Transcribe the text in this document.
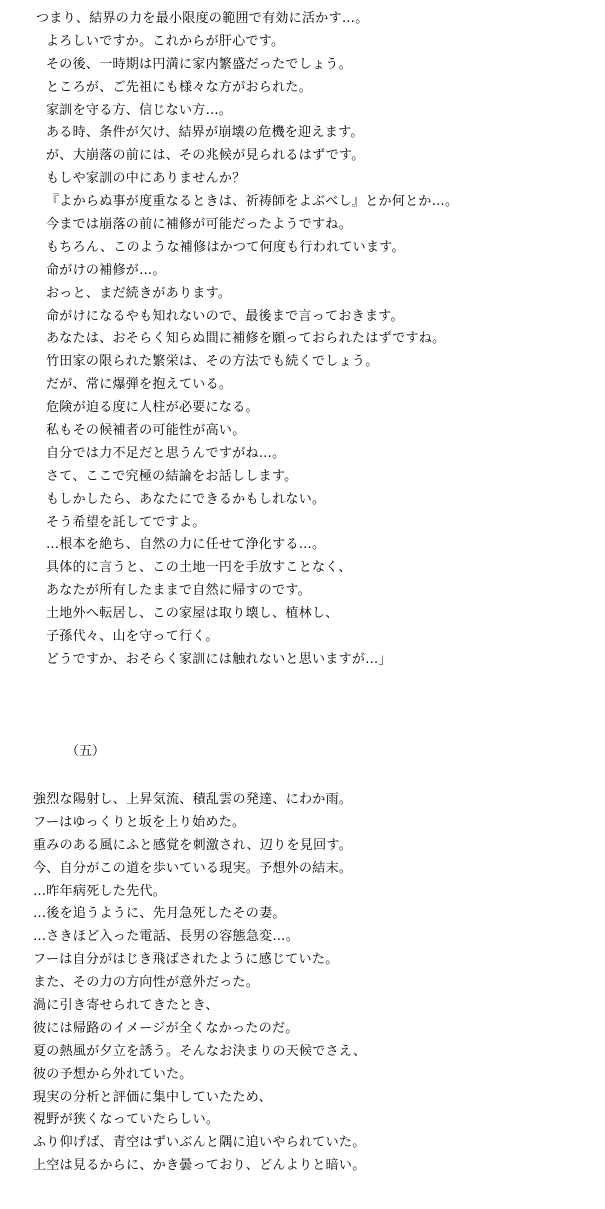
つまり、結界の力を最小限度の範囲で有効に活かす…。
よろしいですか。これからが肝心です。
その後、一時期は円満に家内繁盛だったでしょう。
ところが、ご先祖にも様々な方がおられた。
家訓を守る方、信じない方…。
ある時、条件が欠け、結界が崩壊の危機を迎えます。
が、大崩落の前には、その兆候が見られるはずです。
もしや家訓の中にありませんか？
『よからぬ事が度重なるときは、祈祷師をよぶべし』とか何とか…。
今までは崩落の前に補修が可能だったようですね。
もちろん、このような補修はかつて何度も行われています。
命がけの補修が…。
おっと、まだ続きがあります。
命がけになるやも知れないので、最後まで言っておきます。
あなたは、おそらく知らぬ間に補修を願っておられたはずですね。
竹田家の限られた繁栄は、その方法でも続くでしょう。
だが、常に爆弾を抱えている。
危険が迫る度に人柱が必要になる。
私もその候補者の可能性が高い。
自分では力不足だと思うんですがね…。
さて、ここで究極の結論をお話しします。
もしかしたら、あなたにできるかもしれない。
そう希望を託してですよ。
…根本を絶ち、自然の力に任せて浄化する…。
具体的に言うと、この土地一円を手放すことなく、
あなたが所有したままで自然に帰すのです。
土地外へ転居し、この家屋は取り壊し、植林し、
子孫代々、山を守って行く。
どうですか、おそらく家訓には触れないと思いますが…」
（五）
強烈な陽射し、上昇気流、積乱雲の発達、にわか雨。
フーはゆっくりと坂を上り始めた。
重みのある風にふと感覚を刺激され、辺りを見回す。
今、自分がこの道を歩いている現実。予想外の結末。
…昨年病死した先代。
…後を追うように、先月急死したその妻。
…さきほど入った電話、長男の容態急変…。
フーは自分がはじき飛ばされたように感じていた。
また、その力の方向性が意外だった。
渦に引き寄せられてきたとき、
彼には帰路のイメージが全くなかったのだ。
夏の熱風が夕立を誘う。そんなお決まりの天候でさえ、
彼の予想から外れていた。
現実の分析と評価に集中していたため、
視野が狭くなっていたらしい。
ふり仰げば、青空はずいぶんと隅に追いやられていた。
上空は見るからに、かき曇っており、どんよりと暗い。
